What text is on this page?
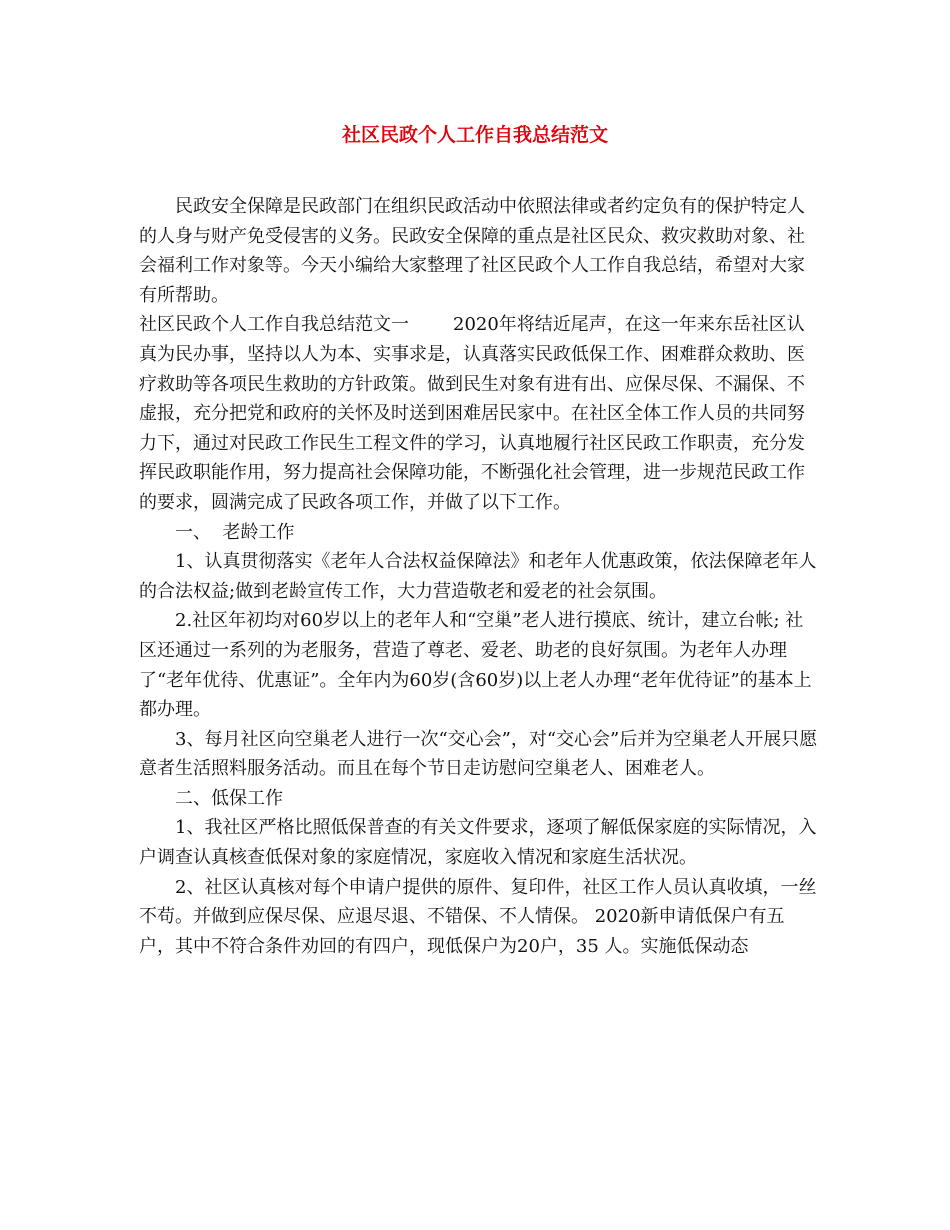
社区民政个人工作自我总结范文

民政安全保障是民政部门在组织民政活动中依照法律或者约定负有的保护特定人的人身与财产免受侵害的义务。民政安全保障的重点是社区民众、救灾救助对象、社会福利工作对象等。今天小编给大家整理了社区民政个人工作自我总结，希望对大家有所帮助。

社区民政个人工作自我总结范文一 2020年将结近尾声，在这一年来东岳社区认真为民办事，坚持以人为本、实事求是，认真落实民政低保工作、困难群众救助、医疗救助等各项民生救助的方针政策。做到民生对象有进有出、应保尽保、不漏保、不虚报，充分把党和政府的关怀及时送到困难居民家中。在社区全体工作人员的共同努力下，通过对民政工作民生工程文件的学习，认真地履行社区民政工作职责，充分发挥民政职能作用，努力提高社会保障功能，不断强化社会管理，进一步规范民政工作的要求，圆满完成了民政各项工作，并做了以下工作。

一、  老龄工作

1、认真贯彻落实《老年人合法权益保障法》和老年人优惠政策，依法保障老年人的合法权益;做到老龄宣传工作，大力营造敬老和爱老的社会氛围。

2.社区年初均对60岁以上的老年人和“空巢”老人进行摸底、统计，建立台帐; 社区还通过一系列的为老服务，营造了尊老、爱老、助老的良好氛围。为老年人办理了“老年优待、优惠证”。全年内为60岁(含60岁)以上老人办理“老年优待证”的基本上都办理。

3、每月社区向空巢老人进行一次“交心会”，对“交心会”后并为空巢老人开展只愿意者生活照料服务活动。而且在每个节日走访慰问空巢老人、困难老人。

二、低保工作

1、我社区严格比照低保普查的有关文件要求，逐项了解低保家庭的实际情况，入户调查认真核查低保对象的家庭情况，家庭收入情况和家庭生活状况。

2、社区认真核对每个申请户提供的原件、复印件，社区工作人员认真收填，一丝不苟。并做到应保尽保、应退尽退、不错保、不人情保。 2020新申请低保户有五户，其中不符合条件劝回的有四户，现低保户为20户，35 人。实施低保动态
